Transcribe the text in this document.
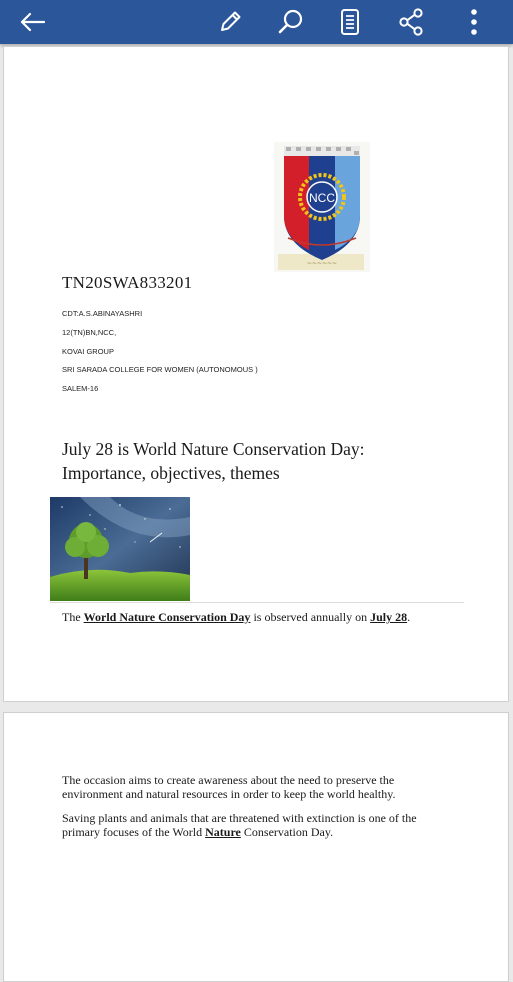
NCC
~~~~~~
TN20SWA833201
CDT:A.S.ABINAYASHRI
12(TN)BN,NCC,
KOVAI GROUP
SRI SARADA COLLEGE FOR WOMEN (AUTONOMOUS )
SALEM-16
July 28 is World Nature Conservation Day:
Importance, objectives, themes
The World Nature Conservation Day is observed annually on July 28.
The occasion aims to create awareness about the need to preserve the environment and natural resources in order to keep the world healthy.
Saving plants and animals that are threatened with extinction is one of the primary focuses of the World Nature Conservation Day.
